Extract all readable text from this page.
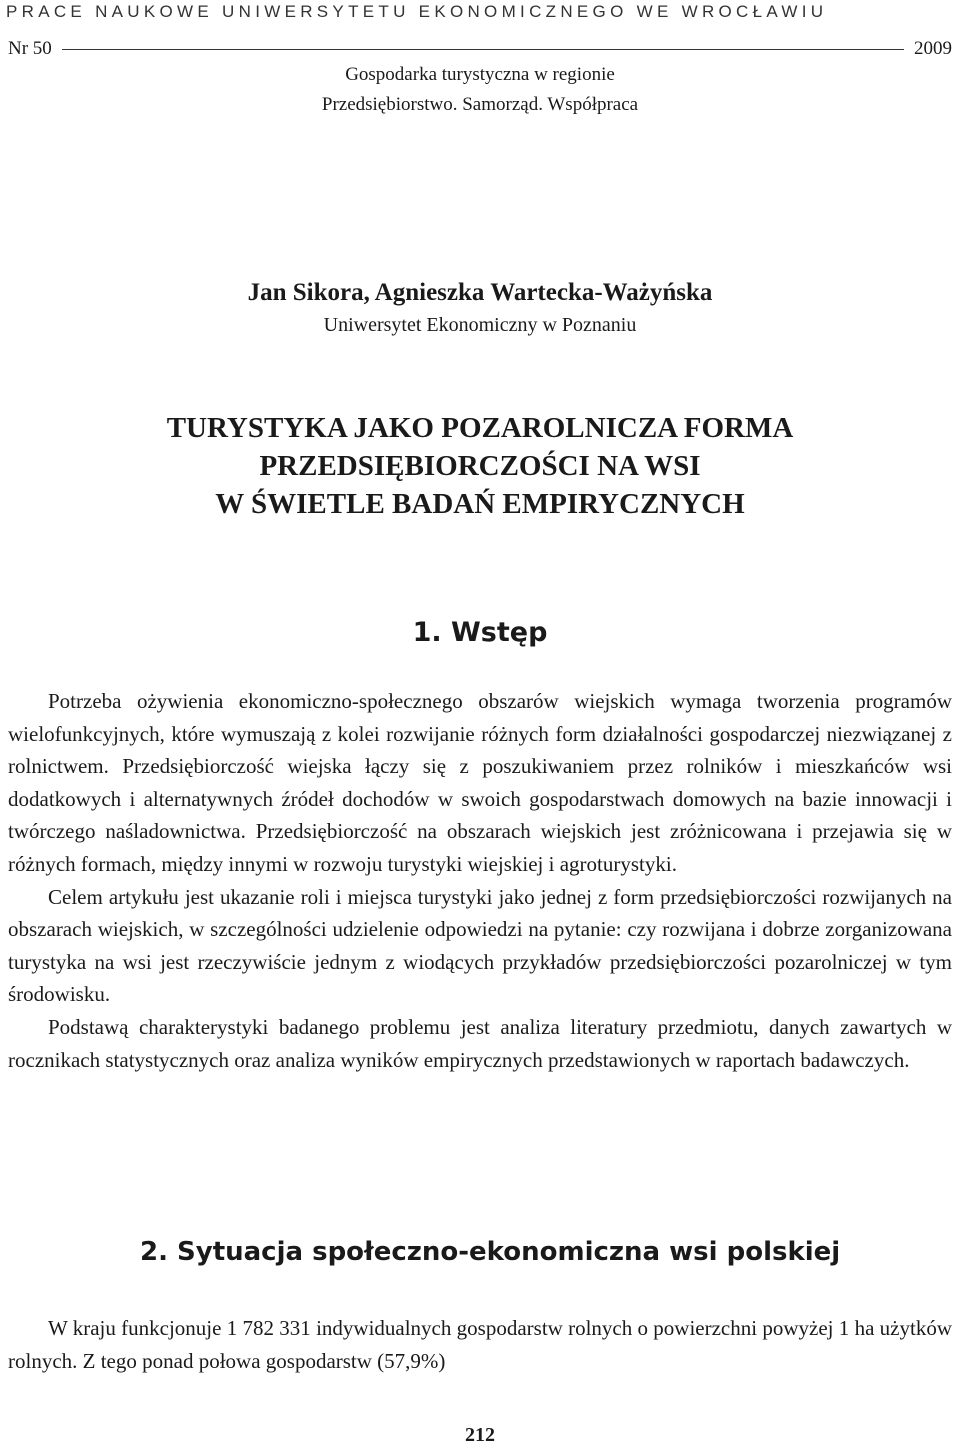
PRACE NAUKOWE UNIWERSYTETU EKONOMICZNEGO WE WROCŁAWIU
Nr 50	2009
Gospodarka turystyczna w regionie
Przedsiębiorstwo. Samorząd. Współpraca
Jan Sikora, Agnieszka Wartecka-Ważyńska
Uniwersytet Ekonomiczny w Poznaniu
TURYSTYKA JAKO POZAROLNICZA FORMA
PRZEDSIĘBIORCZOŚCI NA WSI
W ŚWIETLE BADAŃ EMPIRYCZNYCH
1. Wstęp

Potrzeba ożywienia ekonomiczno-społecznego obszarów wiejskich wymaga tworzenia programów wielofunkcyjnych, które wymuszają z kolei rozwijanie różnych form działalności gospodarczej niezwiązanej z rolnictwem. Przedsiębiorczość wiejska łączy się z poszukiwaniem przez rolników i mieszkańców wsi dodatkowych i alternatywnych źródeł dochodów w swoich gospodarstwach domowych na bazie innowacji i twórczego naśladownictwa. Przedsiębiorczość na obszarach wiejskich jest zróżnicowana i przejawia się w różnych formach, między innymi w rozwoju turystyki wiejskiej i agroturystyki.

Celem artykułu jest ukazanie roli i miejsca turystyki jako jednej z form przedsiębiorczości rozwijanych na obszarach wiejskich, w szczególności udzielenie odpowiedzi na pytanie: czy rozwijana i dobrze zorganizowana turystyka na wsi jest rzeczywiście jednym z wiodących przykładów przedsiębiorczości pozarolniczej w tym środowisku.

Podstawą charakterystyki badanego problemu jest analiza literatury przedmiotu, danych zawartych w rocznikach statystycznych oraz analiza wyników empirycznych przedstawionych w raportach badawczych.

2. Sytuacja społeczno-ekonomiczna wsi polskiej

W kraju funkcjonuje 1 782 331 indywidualnych gospodarstw rolnych o powierzchni powyżej 1 ha użytków rolnych. Z tego ponad połowa gospodarstw (57,9%)

212
